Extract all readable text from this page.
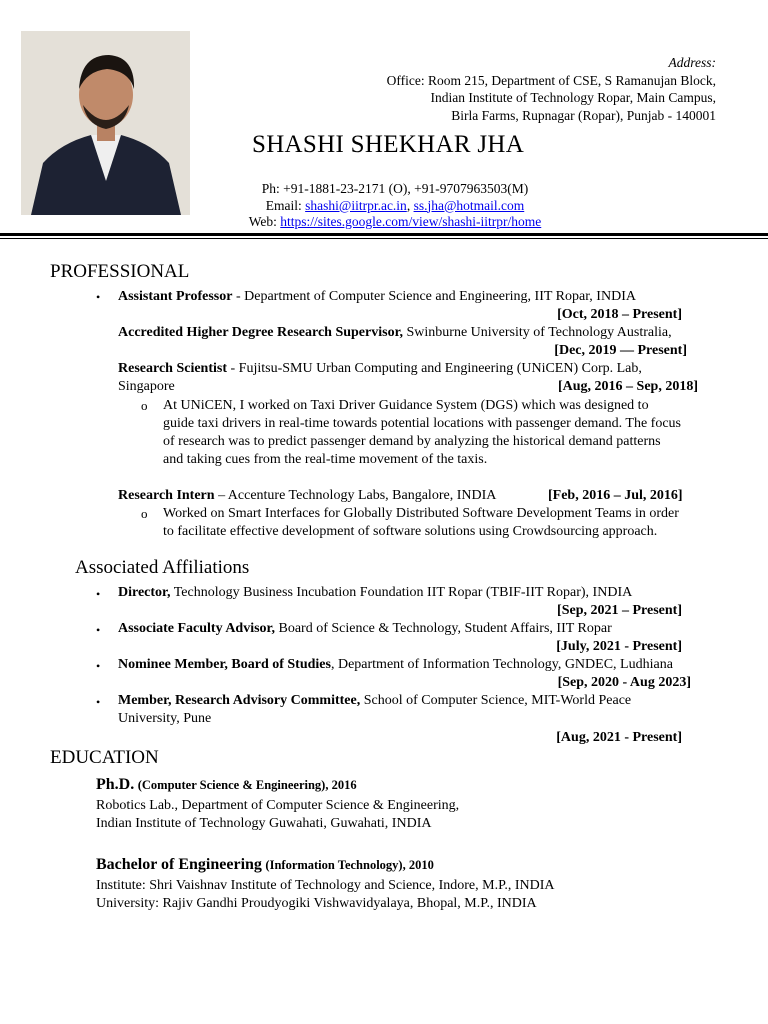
Address:
Office: Room 215, Department of CSE, S Ramanujan Block,
Indian Institute of Technology Ropar, Main Campus,
Birla Farms, Rupnagar (Ropar), Punjab - 140001
SHASHI SHEKHAR JHA
Ph: +91-1881-23-2171 (O), +91-9707963503(M)
Email: shashi@iitrpr.ac.in, ss.jha@hotmail.com
Web: https://sites.google.com/view/shashi-iitrpr/home
PROFESSIONAL
• Assistant Professor - Department of Computer Science and Engineering, IIT Ropar, INDIA
[Oct, 2018 – Present]
Accredited Higher Degree Research Supervisor, Swinburne University of Technology Australia,
[Dec, 2019 — Present]
Research Scientist - Fujitsu-SMU Urban Computing and Engineering (UNiCEN) Corp. Lab,
Singapore	[Aug, 2016 – Sep, 2018]
o At UNiCEN, I worked on Taxi Driver Guidance System (DGS) which was designed to
guide taxi drivers in real-time towards potential locations with passenger demand. The focus
of research was to predict passenger demand by analyzing the historical demand patterns
and taking cues from the real-time movement of the taxis.
Research Intern – Accenture Technology Labs, Bangalore, INDIA	[Feb, 2016 – Jul, 2016]
o Worked on Smart Interfaces for Globally Distributed Software Development Teams in order
to facilitate effective development of software solutions using Crowdsourcing approach.
Associated Affiliations
• Director, Technology Business Incubation Foundation IIT Ropar (TBIF-IIT Ropar), INDIA
[Sep, 2021 – Present]
• Associate Faculty Advisor, Board of Science & Technology, Student Affairs, IIT Ropar
[July, 2021 - Present]
• Nominee Member, Board of Studies, Department of Information Technology, GNDEC, Ludhiana
[Sep, 2020 - Aug 2023]
• Member, Research Advisory Committee, School of Computer Science, MIT-World Peace
University, Pune
[Aug, 2021 - Present]
EDUCATION
Ph.D. (Computer Science & Engineering), 2016
Robotics Lab., Department of Computer Science & Engineering,
Indian Institute of Technology Guwahati, Guwahati, INDIA
Bachelor of Engineering (Information Technology), 2010
Institute: Shri Vaishnav Institute of Technology and Science, Indore, M.P., INDIA
University: Rajiv Gandhi Proudyogiki Vishwavidyalaya, Bhopal, M.P., INDIA
